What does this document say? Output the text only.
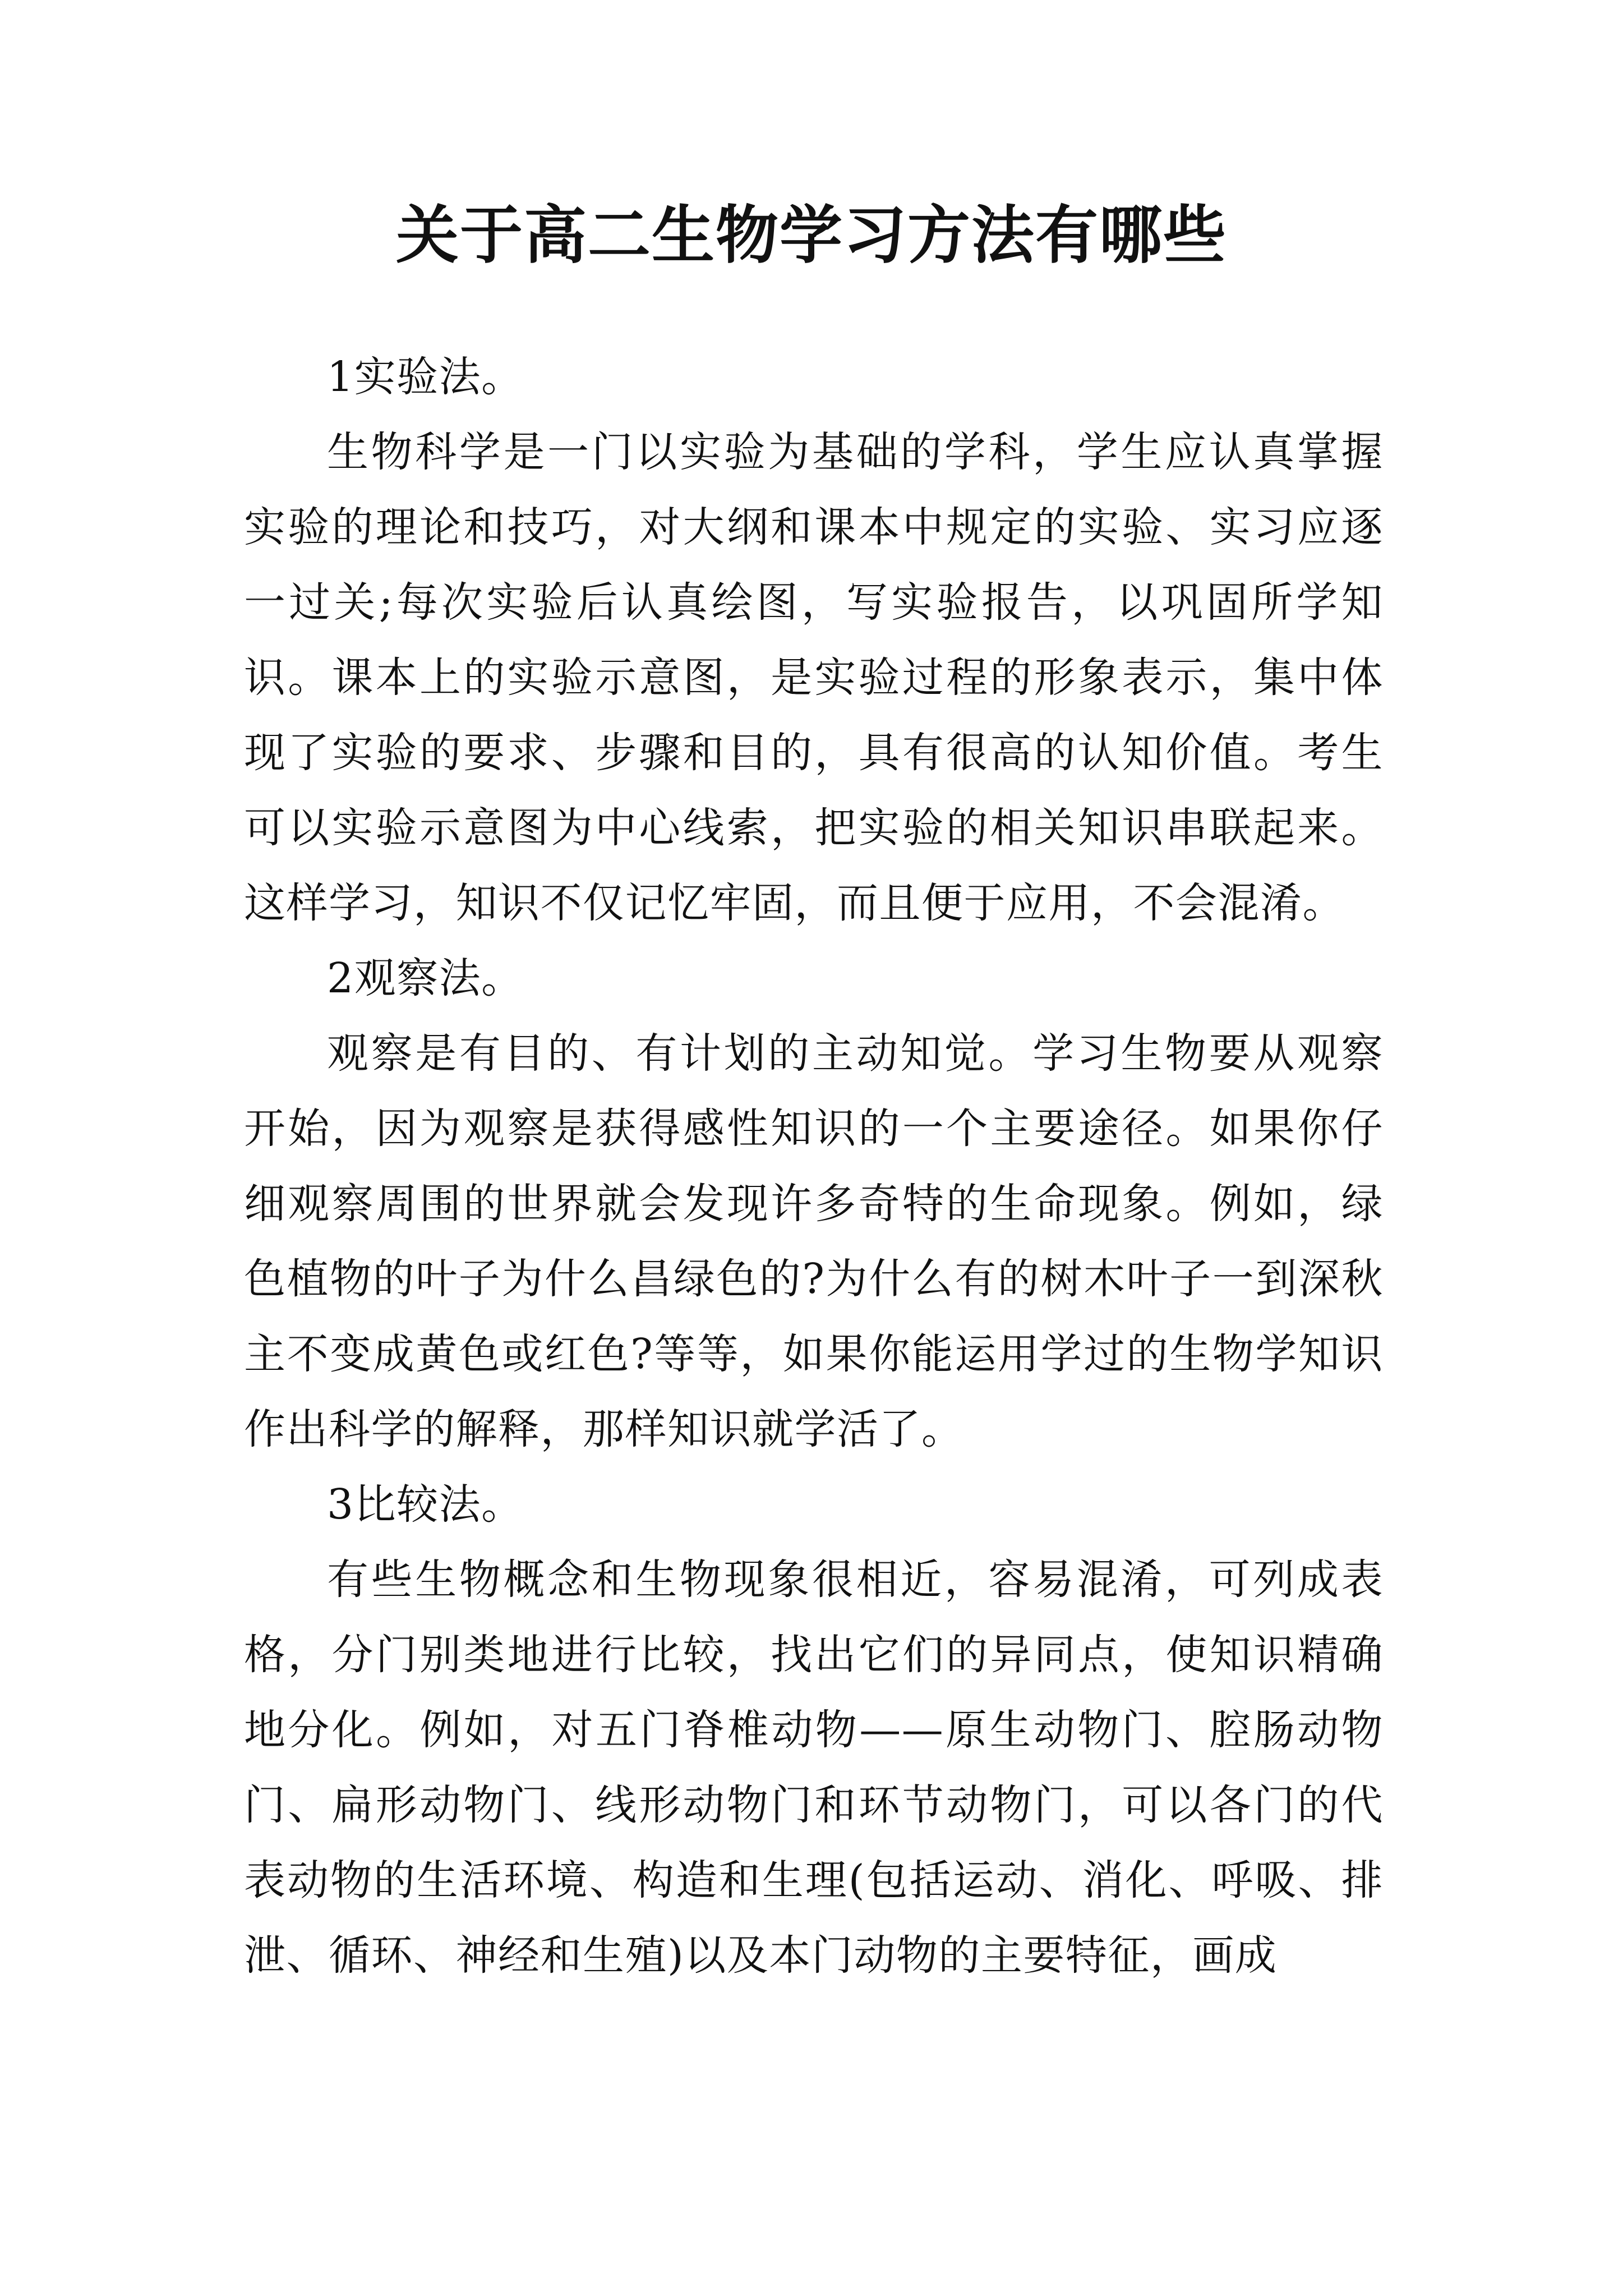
关于高二生物学习方法有哪些

1实验法。

生物科学是一门以实验为基础的学科，学生应认真掌握实验的理论和技巧，对大纲和课本中规定的实验、实习应逐一过关;每次实验后认真绘图，写实验报告，以巩固所学知识。课本上的实验示意图，是实验过程的形象表示，集中体现了实验的要求、步骤和目的，具有很高的认知价值。考生可以实验示意图为中心线索，把实验的相关知识串联起来。这样学习，知识不仅记忆牢固，而且便于应用，不会混淆。

2观察法。

观察是有目的、有计划的主动知觉。学习生物要从观察开始，因为观察是获得感性知识的一个主要途径。如果你仔细观察周围的世界就会发现许多奇特的生命现象。例如，绿色植物的叶子为什么昌绿色的?为什么有的树木叶子一到深秋主不变成黄色或红色?等等，如果你能运用学过的生物学知识作出科学的解释，那样知识就学活了。

3比较法。

有些生物概念和生物现象很相近，容易混淆，可列成表格，分门别类地进行比较，找出它们的异同点，使知识精确地分化。例如，对五门脊椎动物——原生动物门、腔肠动物门、扁形动物门、线形动物门和环节动物门，可以各门的代表动物的生活环境、构造和生理(包括运动、消化、呼吸、排泄、循环、神经和生殖)以及本门动物的主要特征，画成
